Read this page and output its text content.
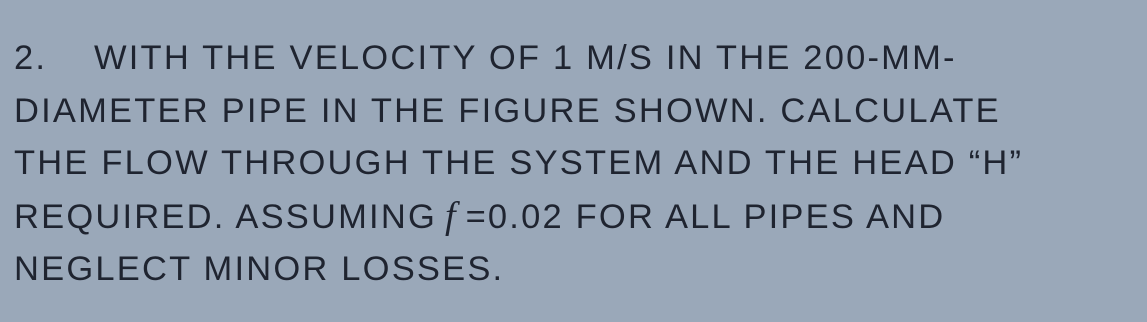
2. WITH THE VELOCITY OF 1 M/S IN THE 200-MM-
DIAMETER PIPE IN THE FIGURE SHOWN. CALCULATE
THE FLOW THROUGH THE SYSTEM AND THE HEAD “H”
REQUIRED. ASSUMING f =0.02 FOR ALL PIPES AND
NEGLECT MINOR LOSSES.
